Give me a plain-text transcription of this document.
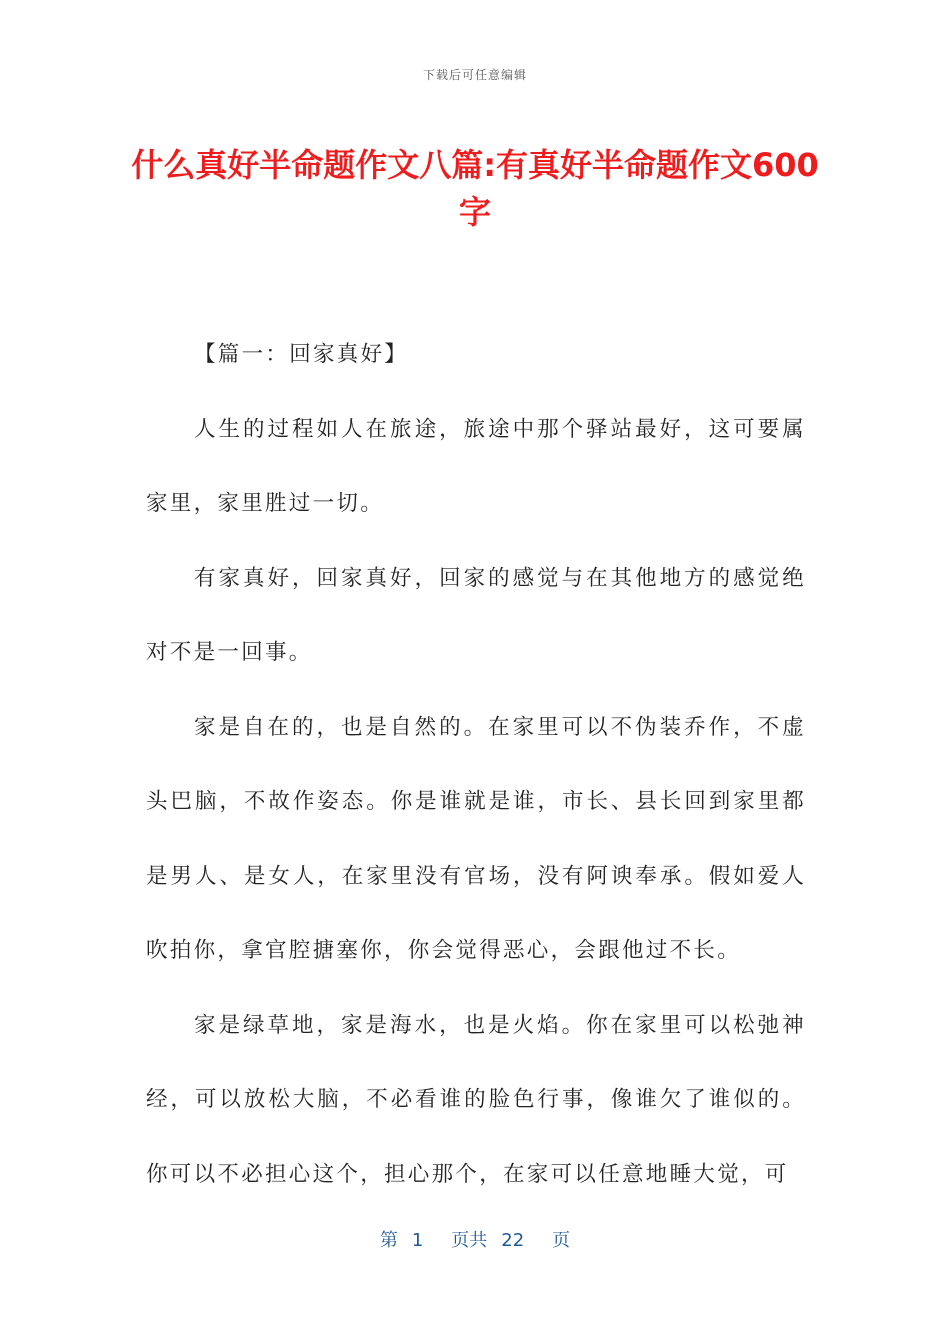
下载后可任意编辑
什么真好半命题作文八篇:有真好半命题作文600字

【篇一：回家真好】

人生的过程如人在旅途，旅途中那个驿站最好，这可要属家里，家里胜过一切。

有家真好，回家真好，回家的感觉与在其他地方的感觉绝对不是一回事。

家是自在的，也是自然的。在家里可以不伪装乔作，不虚头巴脑，不故作姿态。你是谁就是谁，市长、县长回到家里都是男人、是女人，在家里没有官场，没有阿谀奉承。假如爱人吹拍你，拿官腔搪塞你，你会觉得恶心，会跟他过不长。

家是绿草地，家是海水，也是火焰。你在家里可以松弛神经，可以放松大脑，不必看谁的脸色行事，像谁欠了谁似的。你可以不必担心这个，担心那个，在家可以任意地睡大觉，可

第 1 页共 22 页
